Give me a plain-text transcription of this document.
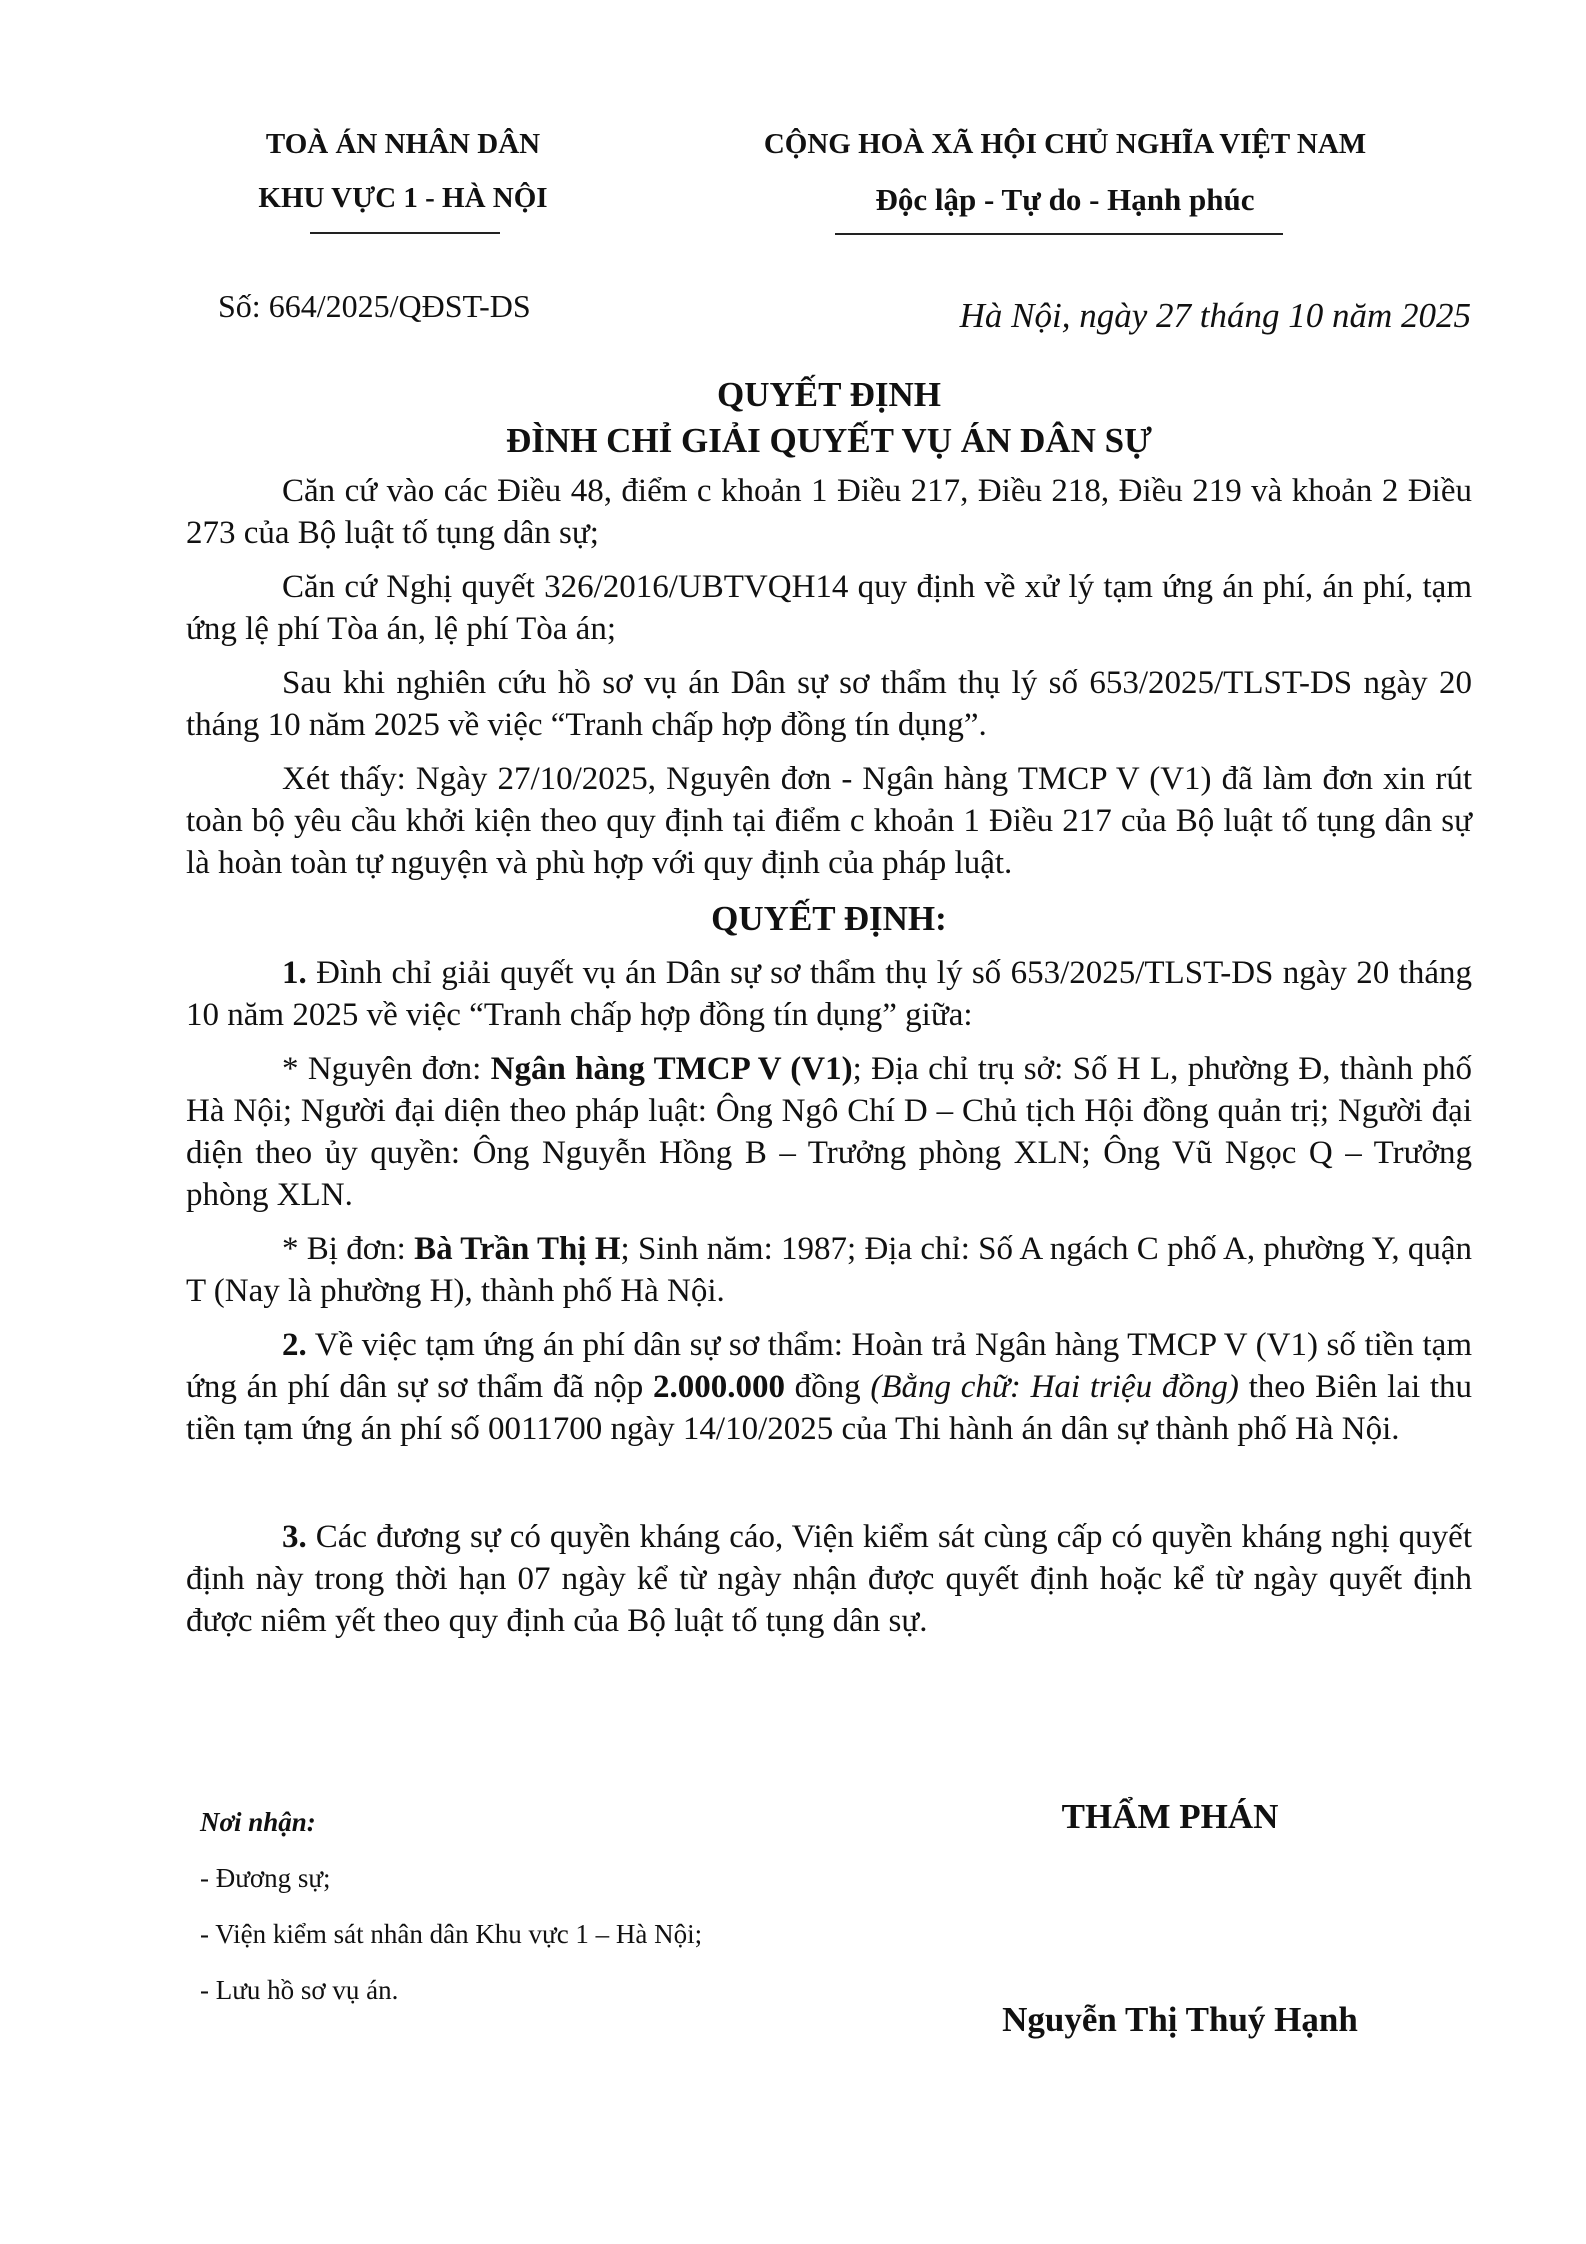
TOÀ ÁN NHÂN DÂN
KHU VỰC 1 - HÀ NỘI
CỘNG HOÀ XÃ HỘI CHỦ NGHĨA VIỆT NAM
Độc lập - Tự do - Hạnh phúc
Số: 664/2025/QĐST-DS	Hà Nội, ngày 27 tháng 10 năm 2025

QUYẾT ĐỊNH

ĐÌNH CHỈ GIẢI QUYẾT VỤ ÁN DÂN SỰ

Căn cứ vào các Điều 48, điểm c khoản 1 Điều 217, Điều 218, Điều 219 và khoản 2 Điều 273 của Bộ luật tố tụng dân sự;

Căn cứ Nghị quyết 326/2016/UBTVQH14 quy định về xử lý tạm ứng án phí, án phí, tạm ứng lệ phí Tòa án, lệ phí Tòa án;

Sau khi nghiên cứu hồ sơ vụ án Dân sự sơ thẩm thụ lý số 653/2025/TLST-DS ngày 20 tháng 10 năm 2025 về việc “Tranh chấp hợp đồng tín dụng”.

Xét thấy: Ngày 27/10/2025, Nguyên đơn - Ngân hàng TMCP V (V1) đã làm đơn xin rút toàn bộ yêu cầu khởi kiện theo quy định tại điểm c khoản 1 Điều 217 của Bộ luật tố tụng dân sự là hoàn toàn tự nguyện và phù hợp với quy định của pháp luật.

QUYẾT ĐỊNH:

1. Đình chỉ giải quyết vụ án Dân sự sơ thẩm thụ lý số 653/2025/TLST-DS ngày 20 tháng 10 năm 2025 về việc “Tranh chấp hợp đồng tín dụng” giữa:

* Nguyên đơn: Ngân hàng TMCP V (V1); Địa chỉ trụ sở: Số H L, phường Đ, thành phố Hà Nội; Người đại diện theo pháp luật: Ông Ngô Chí D – Chủ tịch Hội đồng quản trị; Người đại diện theo ủy quyền: Ông Nguyễn Hồng B – Trưởng phòng XLN; Ông Vũ Ngọc Q – Trưởng phòng XLN.

* Bị đơn: Bà Trần Thị H; Sinh năm: 1987; Địa chỉ: Số A ngách C phố A, phường Y, quận T (Nay là phường H), thành phố Hà Nội.

2. Về việc tạm ứng án phí dân sự sơ thẩm: Hoàn trả Ngân hàng TMCP V (V1) số tiền tạm ứng án phí dân sự sơ thẩm đã nộp 2.000.000 đồng (Bằng chữ: Hai triệu đồng) theo Biên lai thu tiền tạm ứng án phí số 0011700 ngày 14/10/2025 của Thi hành án dân sự thành phố Hà Nội.

3. Các đương sự có quyền kháng cáo, Viện kiểm sát cùng cấp có quyền kháng nghị quyết định này trong thời hạn 07 ngày kể từ ngày nhận được quyết định hoặc kể từ ngày quyết định được niêm yết theo quy định của Bộ luật tố tụng dân sự.

Nơi nhận:
- Đương sự;
- Viện kiểm sát nhân dân Khu vực 1 – Hà Nội;
- Lưu hồ sơ vụ án.
THẨM PHÁN
Nguyễn Thị Thuý Hạnh
